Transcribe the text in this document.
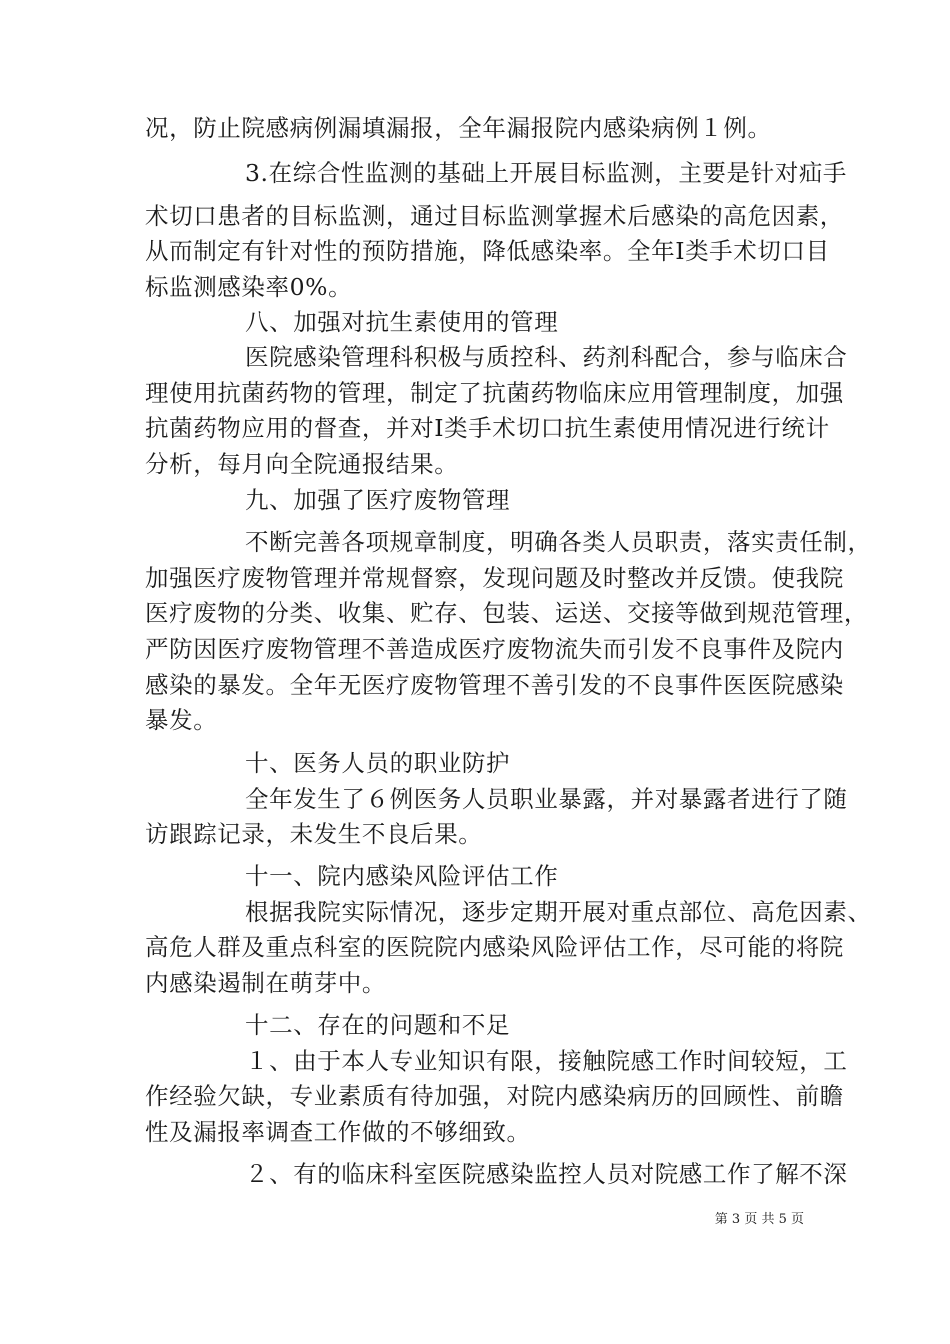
况，防止院感病例漏填漏报，全年漏报院内感染病例１例。
3.在综合性监测的基础上开展目标监测，主要是针对疝手
术切口患者的目标监测，通过目标监测掌握术后感染的高危因素，
从而制定有针对性的预防措施，降低感染率。全年Ⅰ类手术切口目
标监测感染率0%。
八、加强对抗生素使用的管理
医院感染管理科积极与质控科、药剂科配合，参与临床合
理使用抗菌药物的管理，制定了抗菌药物临床应用管理制度，加强
抗菌药物应用的督查，并对Ⅰ类手术切口抗生素使用情况进行统计
分析，每月向全院通报结果。
九、加强了医疗废物管理
不断完善各项规章制度，明确各类人员职责，落实责任制，
加强医疗废物管理并常规督察，发现问题及时整改并反馈。使我院
医疗废物的分类、收集、贮存、包装、运送、交接等做到规范管理，
严防因医疗废物管理不善造成医疗废物流失而引发不良事件及院内
感染的暴发。全年无医疗废物管理不善引发的不良事件医医院感染
暴发。
十、医务人员的职业防护
全年发生了６例医务人员职业暴露，并对暴露者进行了随
访跟踪记录，未发生不良后果。
十一、院内感染风险评估工作
根据我院实际情况，逐步定期开展对重点部位、高危因素、
高危人群及重点科室的医院院内感染风险评估工作，尽可能的将院
内感染遏制在萌芽中。
十二、存在的问题和不足
１、由于本人专业知识有限，接触院感工作时间较短，工
作经验欠缺，专业素质有待加强，对院内感染病历的回顾性、前瞻
性及漏报率调查工作做的不够细致。
２、有的临床科室医院感染监控人员对院感工作了解不深
第 3 页 共 5 页
